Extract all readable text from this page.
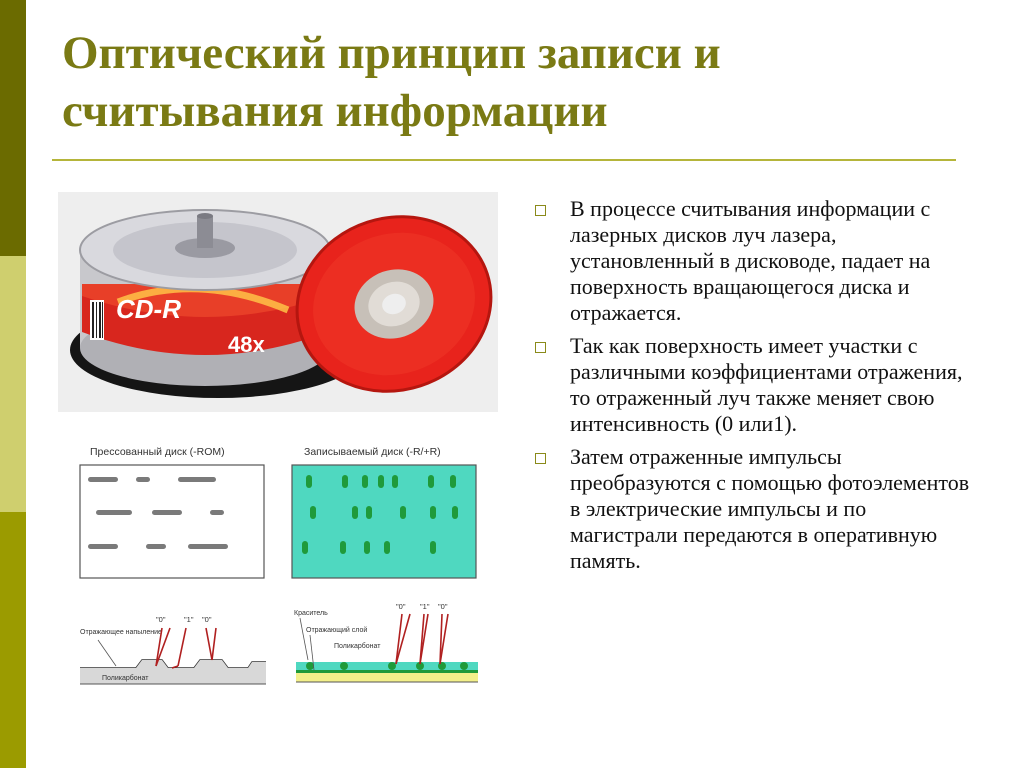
Оптический принцип записи и считывания информации
CD-R
48x
Прессованный диск (-ROM)	Записываемый диск (-R/+R)
"0" "1" "0"
Отражающее напыление
Поликарбонат
"0" "1" "0"
Краситель
Отражающий слой
Поликарбонат
В процессе считывания информации с лазерных дисков луч лазера, установленный в дисководе, падает на поверхность вращающегося диска и отражается.
Так как поверхность имеет участки с различными коэффициентами отражения, то отраженный луч также меняет свою интенсивность (0 или1).
Затем отраженные импульсы преобразуются с помощью фотоэлементов в электрические импульсы и по магистрали передаются в оперативную память.
